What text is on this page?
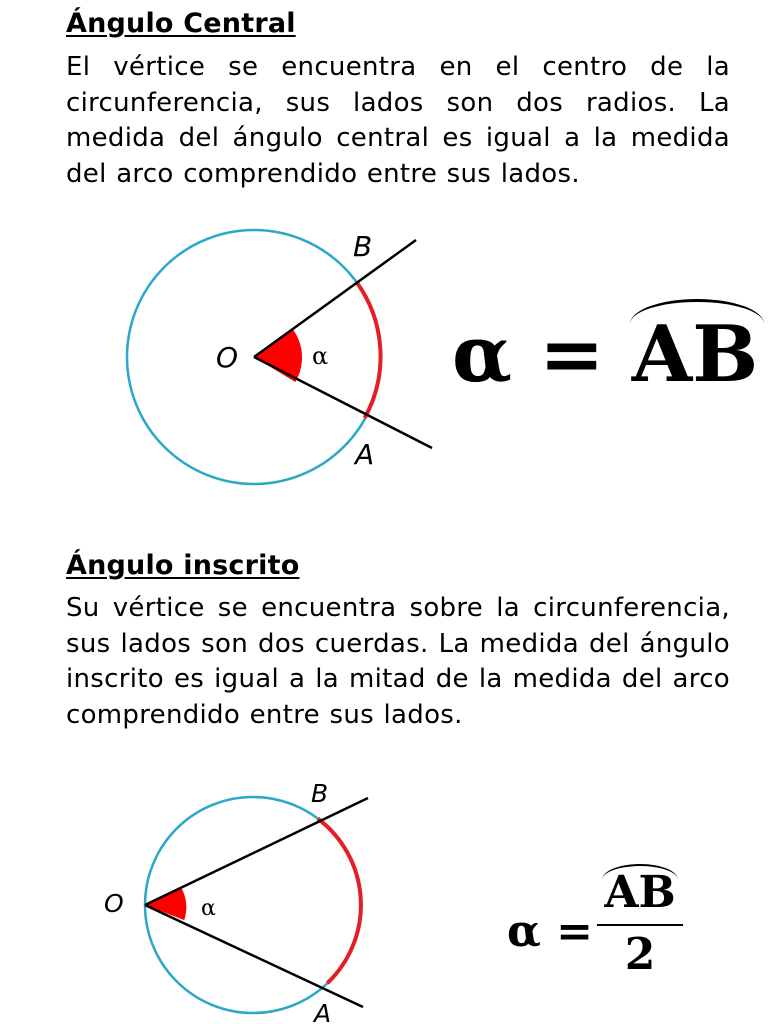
Ángulo Central

El vértice se encuentra en el centro de la circunferencia, sus lados son dos radios. La medida del ángulo central es igual a la medida del arco comprendido entre sus lados.

O
B
A
α α = AB
Ángulo inscrito

Su vértice se encuentra sobre la circunferencia, sus lados son dos cuerdas. La medida del ángulo inscrito es igual a la mitad de la medida del arco comprendido entre sus lados.

O
B
A
α	α =
AB
2
